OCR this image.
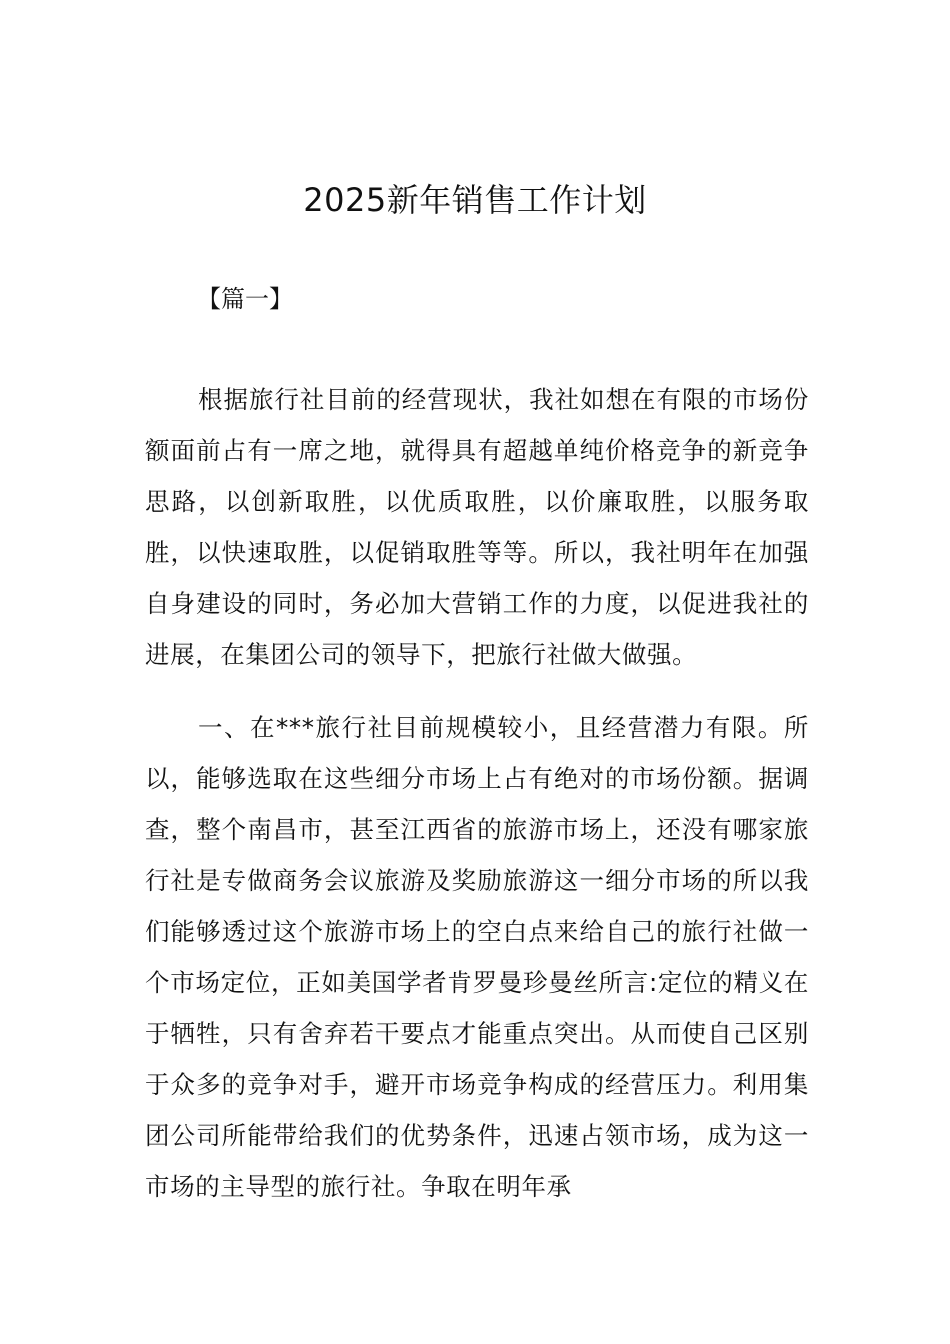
2025新年销售工作计划

【篇一】

根据旅行社目前的经营现状，我社如想在有限的市场份额面前占有一席之地，就得具有超越单纯价格竞争的新竞争思路，以创新取胜，以优质取胜，以价廉取胜，以服务取胜，以快速取胜，以促销取胜等等。所以，我社明年在加强自身建设的同时，务必加大营销工作的力度，以促进我社的进展，在集团公司的领导下，把旅行社做大做强。

一、在***旅行社目前规模较小，且经营潜力有限。所以，能够选取在这些细分市场上占有绝对的市场份额。据调查，整个南昌市，甚至江西省的旅游市场上，还没有哪家旅行社是专做商务会议旅游及奖励旅游这一细分市场的所以我们能够透过这个旅游市场上的空白点来给自己的旅行社做一个市场定位，正如美国学者肯罗曼珍曼丝所言:定位的精义在于牺牲，只有舍弃若干要点才能重点突出。从而使自己区别于众多的竞争对手，避开市场竞争构成的经营压力。利用集团公司所能带给我们的优势条件，迅速占领市场，成为这一市场的主导型的旅行社。争取在明年承
